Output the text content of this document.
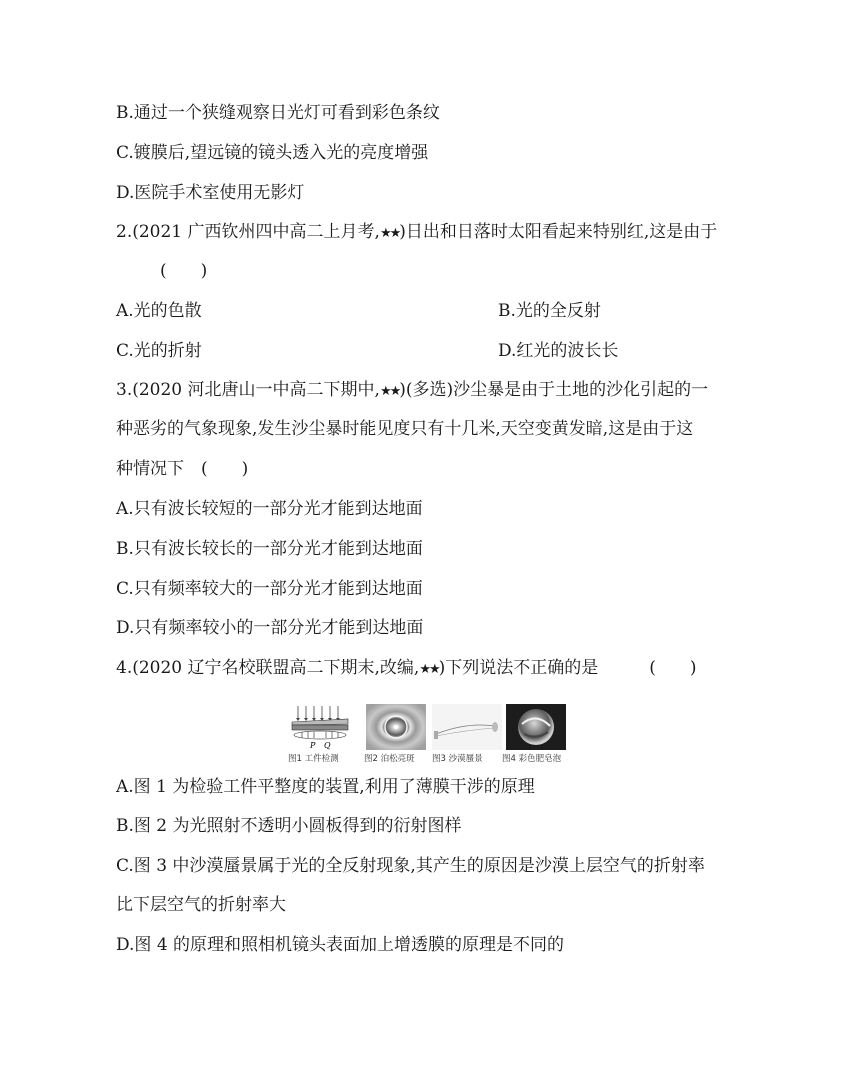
B.通过一个狭缝观察日光灯可看到彩色条纹
C.镀膜后,望远镜的镜头透入光的亮度增强
D.医院手术室使用无影灯
2.(2021 广西钦州四中高二上月考,★★)日出和日落时太阳看起来特别红,这是由于
(　　)
A.光的色散	B.光的全反射
C.光的折射	D.红光的波长长
3.(2020 河北唐山一中高二下期中,★★)(多选)沙尘暴是由于土地的沙化引起的一
种恶劣的气象现象,发生沙尘暴时能见度只有十几米,天空变黄发暗,这是由于这
种情况下　(　　)
A.只有波长较短的一部分光才能到达地面
B.只有波长较长的一部分光才能到达地面
C.只有频率较大的一部分光才能到达地面
D.只有频率较小的一部分光才能到达地面
4.(2020 辽宁名校联盟高二下期末,改编,★★)下列说法不正确的是　　　(　　)
P Q
图1 工件检测	图2 泊松亮斑 图3 沙漠蜃景 图4 彩色肥皂泡
A.图 1 为检验工件平整度的装置,利用了薄膜干涉的原理
B.图 2 为光照射不透明小圆板得到的衍射图样
C.图 3 中沙漠蜃景属于光的全反射现象,其产生的原因是沙漠上层空气的折射率
比下层空气的折射率大
D.图 4 的原理和照相机镜头表面加上增透膜的原理是不同的
